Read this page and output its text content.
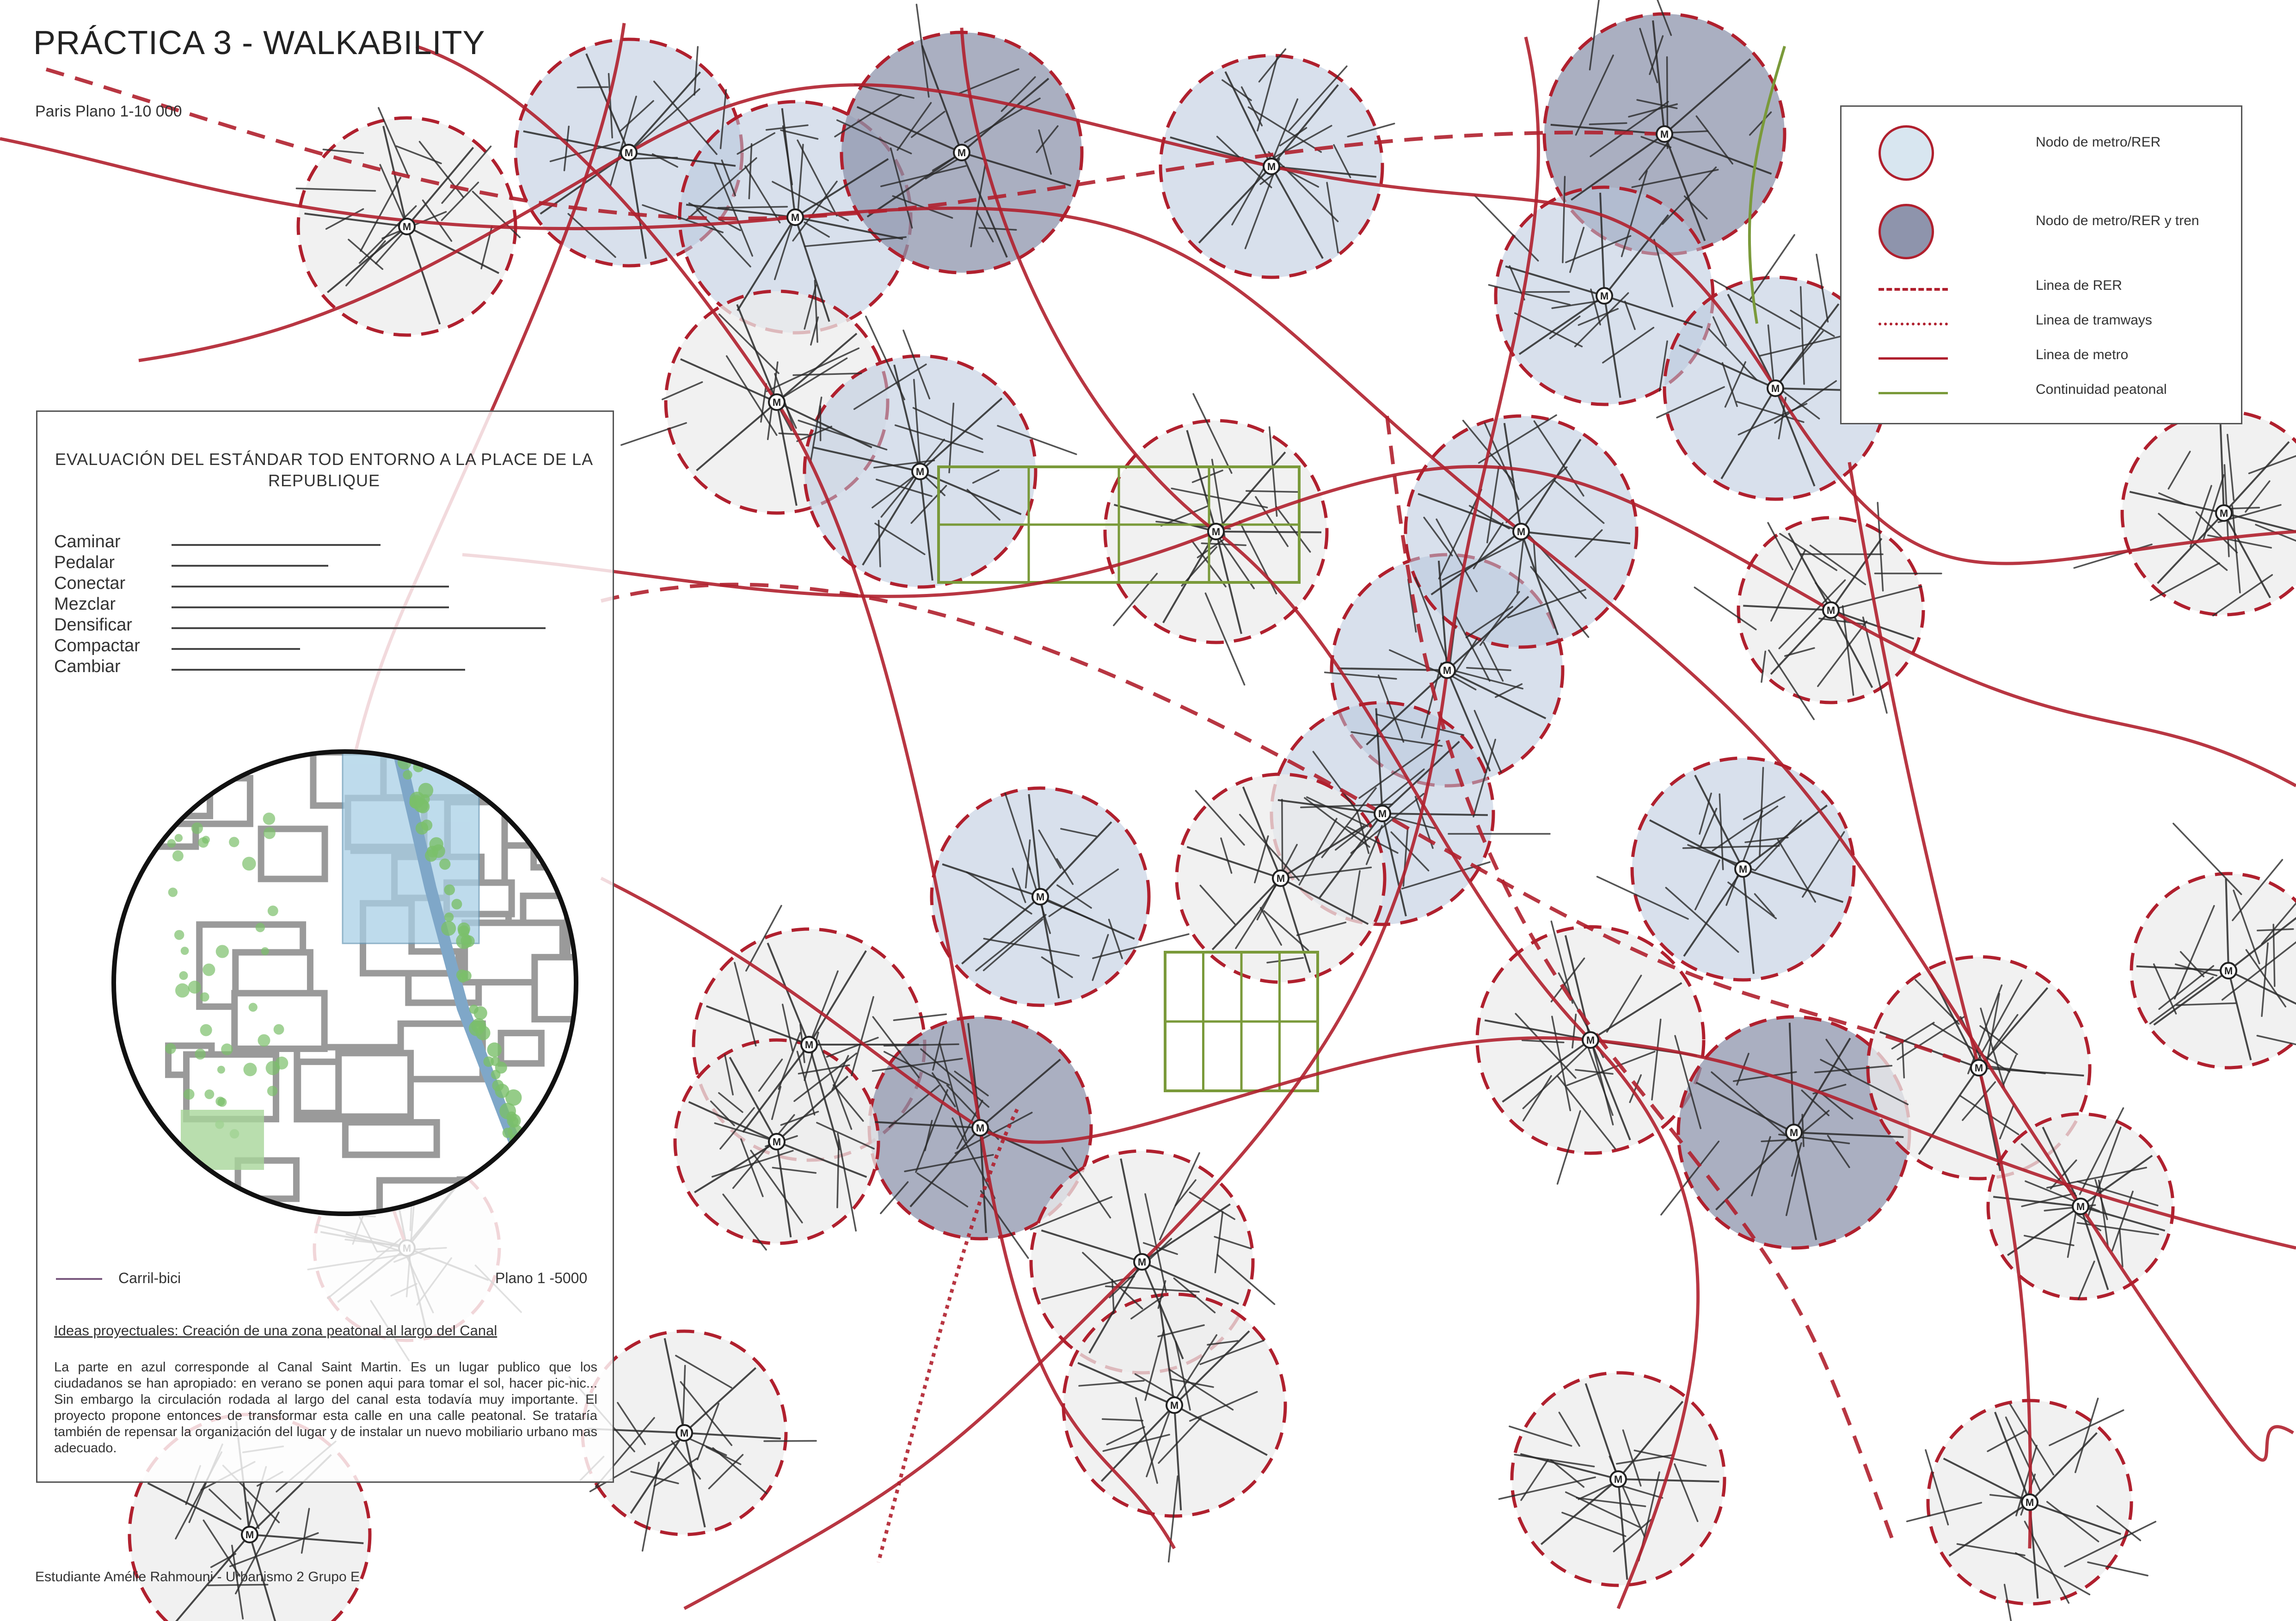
M
M
M
M
M
M
M
M
M
M
M
M
M
M
M
M
M
M
M
M
M
M
M
M
M
M
M
M
M
M
M
M
M
PRÁCTICA 3 - WALKABILITY
Paris Plano 1-10 000
Estudiante Amélie Rahmouni - Urbanismo 2 Grupo E
Nodo de metro/RER
Nodo de metro/RER y tren
Linea de RER
Linea de tramways
Linea de metro
Continuidad peatonal
EVALUACIÓN DEL ESTÁNDAR TOD ENTORNO A LA PLACE DE LA REPUBLIQUE
Caminar
Pedalar
Conectar
Mezclar
Densificar
Compactar
Cambiar
Carril-bici	Plano 1 -5000
Ideas proyectuales: Creación de una zona peatonal al largo del Canal
La parte en azul corresponde al Canal Saint Martin. Es un lugar publico que los ciudadanos se han apropiado: en verano se ponen aqui para tomar el sol, hacer pic-nic... Sin embargo la circulación rodada al largo del canal esta todavía muy importante. El proyecto propone entonces de transformar esta calle en una calle peatonal. Se trataría también de repensar la organización del lugar y de instalar un nuevo mobiliario urbano mas adecuado.
